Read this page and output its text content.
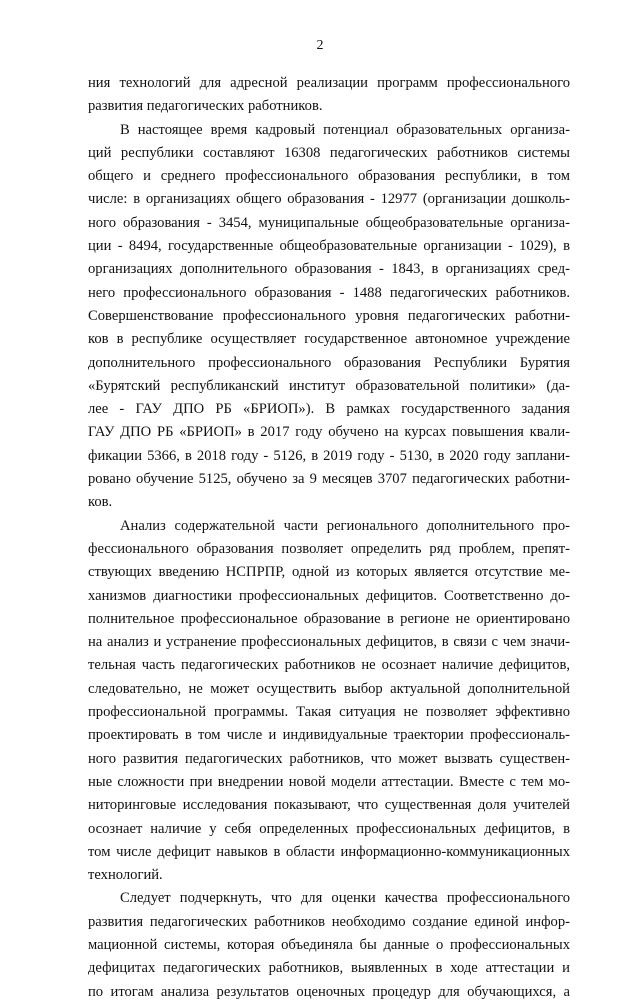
2
ния технологий для адресной реализации программ профессионального
развития педагогических работников.
В настоящее время кадровый потенциал образовательных организа-
ций республики составляют 16308 педагогических работников системы
общего и среднего профессионального образования республики, в том
числе: в организациях общего образования - 12977 (организации дошколь-
ного образования - 3454, муниципальные общеобразовательные организа-
ции - 8494, государственные общеобразовательные организации - 1029), в
организациях дополнительного образования - 1843, в организациях сред-
него профессионального образования - 1488 педагогических работников.
Совершенствование профессионального уровня педагогических работни-
ков в республике осуществляет государственное автономное учреждение
дополнительного профессионального образования Республики Бурятия
«Бурятский республиканский институт образовательной политики» (да-
лее - ГАУ ДПО РБ «БРИОП»). В рамках государственного задания
ГАУ ДПО РБ «БРИОП» в 2017 году обучено на курсах повышения квали-
фикации 5366, в 2018 году - 5126, в 2019 году - 5130, в 2020 году заплани-
ровано обучение 5125, обучено за 9 месяцев 3707 педагогических работни-
ков.
Анализ содержательной части регионального дополнительного про-
фессионального образования позволяет определить ряд проблем, препят-
ствующих введению НСПРПР, одной из которых является отсутствие ме-
ханизмов диагностики профессиональных дефицитов. Соответственно до-
полнительное профессиональное образование в регионе не ориентировано
на анализ и устранение профессиональных дефицитов, в связи с чем значи-
тельная часть педагогических работников не осознает наличие дефицитов,
следовательно, не может осуществить выбор актуальной дополнительной
профессиональной программы. Такая ситуация не позволяет эффективно
проектировать в том числе и индивидуальные траектории профессиональ-
ного развития педагогических работников, что может вызвать существен-
ные сложности при внедрении новой модели аттестации. Вместе с тем мо-
ниторинговые исследования показывают, что существенная доля учителей
осознает наличие у себя определенных профессиональных дефицитов, в
том числе дефицит навыков в области информационно-коммуникационных
технологий.
Следует подчеркнуть, что для оценки качества профессионального
развития педагогических работников необходимо создание единой инфор-
мационной системы, которая объединяла бы данные о профессиональных
дефицитах педагогических работников, выявленных в ходе аттестации и
по итогам анализа результатов оценочных процедур для обучающихся, а
